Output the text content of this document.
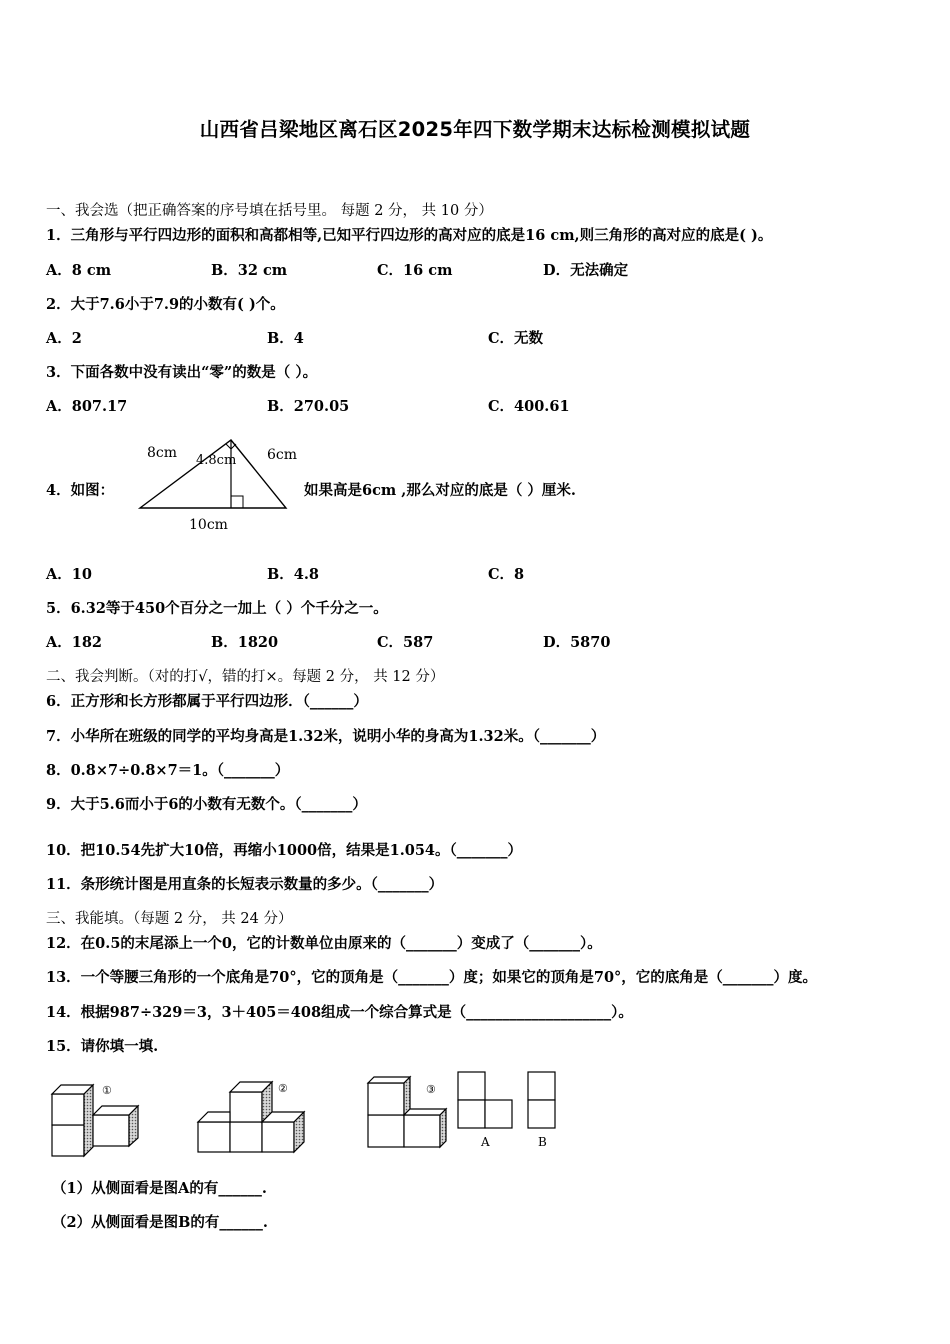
山西省吕梁地区离石区2025年四下数学期末达标检测模拟试题
一、我会选（把正确答案的序号填在括号里。 每题 2 分， 共 10 分）
1．三角形与平行四边形的面积和高都相等,已知平行四边形的高对应的底是16 cm,则三角形的高对应的底是( )。
A．8 cm	B．32 cm	C．16 cm	D．无法确定
2．大于7.6小于7.9的小数有( )个。
A．2	B．4	C．无数
3．下面各数中没有读出“零”的数是（ ）。
A．807.17	B．270.05	C．400.61
4．如图：
8cm 4.8cm 6cm
10cm
如果高是6cm ,那么对应的底是（ ）厘米.
A．10	B．4.8	C．8
5．6.32等于450个百分之一加上（ ）个千分之一。
A．182	B．1820	C．587	D．5870
二、我会判断。（对的打√，错的打×。每题 2 分， 共 12 分）
6．正方形和长方形都属于平行四边形．（______）
7．小华所在班级的同学的平均身高是1.32米，说明小华的身高为1.32米。（_______）
8．0.8×7÷0.8×7＝1。（_______）
9．大于5.6而小于6的小数有无数个。（_______）
10．把10.54先扩大10倍，再缩小1000倍，结果是1.054。（_______）
11．条形统计图是用直条的长短表示数量的多少。（_______）
三、我能填。（每题 2 分， 共 24 分）
12．在0.5的末尾添上一个0，它的计数单位由原来的（_______）变成了（_______）。
13．一个等腰三角形的一个底角是70°，它的顶角是（_______）度；如果它的顶角是70°，它的底角是（_______）度。
14．根据987÷329＝3，3＋405＝408组成一个综合算式是（____________________）。
15．请你填一填.
①	②	③
A	B
（1）从侧面看是图A的有______.
（2）从侧面看是图B的有______.
